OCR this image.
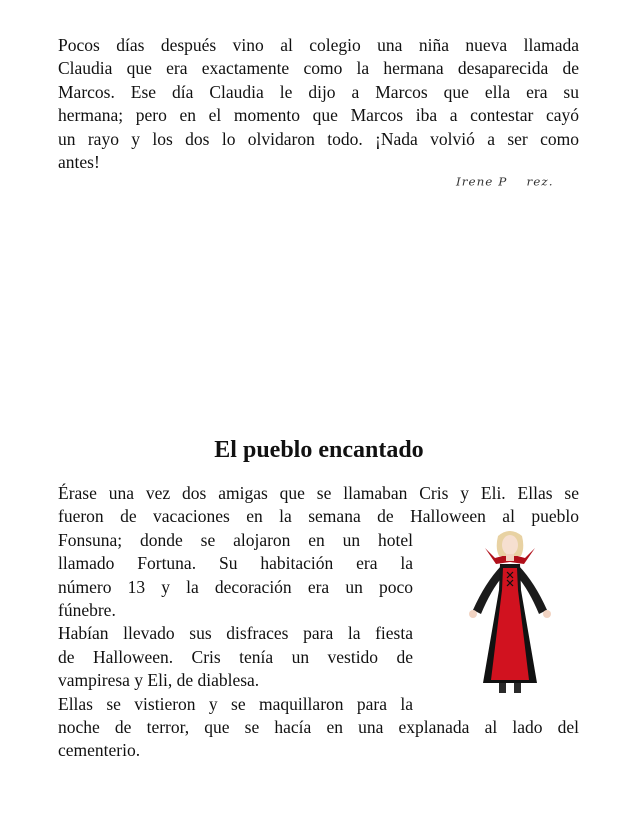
Pocos días después vino al colegio una niña nueva llamada
Claudia que era exactamente como la hermana desaparecida de
Marcos. Ese día Claudia le dijo a Marcos que ella era su
hermana; pero en el momento que Marcos iba a contestar cayó
un rayo y los dos lo olvidaron todo. ¡Nada volvió a ser como
antes!
Irene P    rez.
El pueblo encantado
Érase una vez dos amigas que se llamaban Cris y Eli. Ellas se
fueron de vacaciones en la semana de Halloween al pueblo
Fonsuna; donde se alojaron en un hotel
llamado Fortuna. Su habitación era la
número 13 y la decoración era un poco
fúnebre.
Habían llevado sus disfraces para la fiesta
de Halloween. Cris tenía un vestido de
vampiresa y Eli, de diablesa.
Ellas se vistieron y se maquillaron para la
noche de terror, que se hacía en una explanada al lado del
cementerio.
